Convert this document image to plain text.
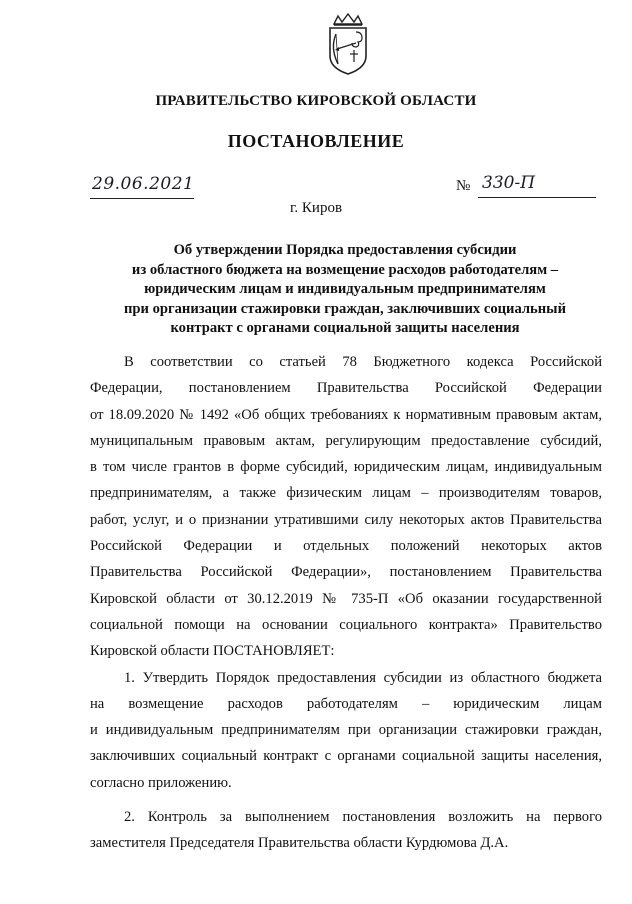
ПРАВИТЕЛЬСТВО КИРОВСКОЙ ОБЛАСТИ
ПОСТАНОВЛЕНИЕ
29.06.2021	№ 330-П
г. Киров
Об утверждении Порядка предоставления субсидии
из областного бюджета на возмещение расходов работодателям –
юридическим лицам и индивидуальным предпринимателям
при организации стажировки граждан, заключивших социальный
контракт с органами социальной защиты населения
В соответствии со статьей 78 Бюджетного кодекса Российской
Федерации, постановлением Правительства Российской Федерации
от 18.09.2020 № 1492 «Об общих требованиях к нормативным правовым актам,
муниципальным правовым актам, регулирующим предоставление субсидий,
в том числе грантов в форме субсидий, юридическим лицам, индивидуальным
предпринимателям, а также физическим лицам – производителям товаров,
работ, услуг, и о признании утратившими силу некоторых актов Правительства
Российской Федерации и отдельных положений некоторых актов
Правительства Российской Федерации», постановлением Правительства
Кировской области от 30.12.2019 № 735-П «Об оказании государственной
социальной помощи на основании социального контракта» Правительство
Кировской области ПОСТАНОВЛЯЕТ:
1. Утвердить Порядок предоставления субсидии из областного бюджета
на возмещение расходов работодателям – юридическим лицам
и индивидуальным предпринимателям при организации стажировки граждан,
заключивших социальный контракт с органами социальной защиты населения,
согласно приложению.
2. Контроль за выполнением постановления возложить на первого
заместителя Председателя Правительства области Курдюмова Д.А.
